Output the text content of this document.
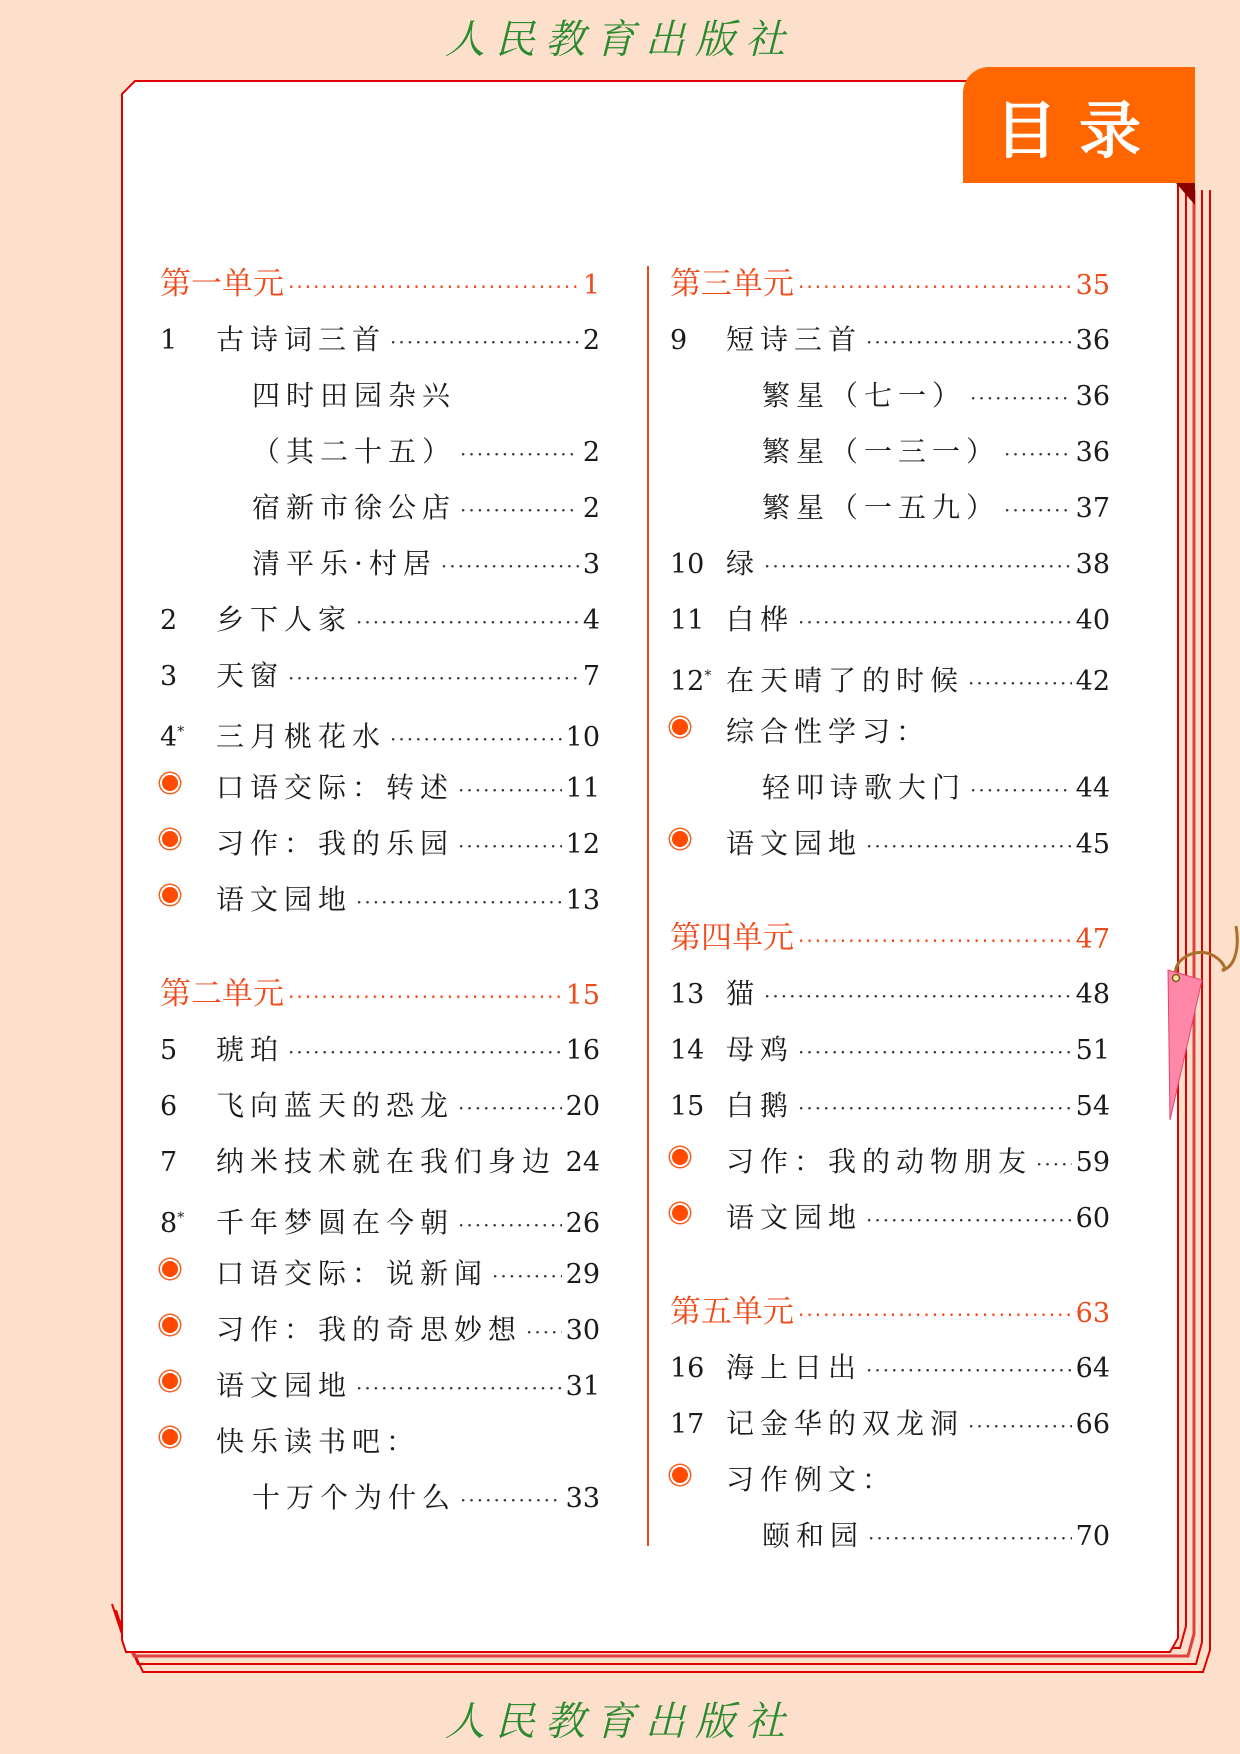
人民教育出版社
目录
第一单元 ·····	1
1	古诗词三首 ·····	2
四时田园杂兴
（其二十五） ·····	2
宿新市徐公店 ·····	2
清平乐·村居 ·····	3
2	乡下人家 ·····	4
3	天窗 ·····	7
4*	三月桃花水 ·····	10
口语交际：转述 ·····	11
习作：我的乐园 ·····	12
语文园地 ·····	13
第二单元 ·····	15
5	琥珀 ·····	16
6	飞向蓝天的恐龙 ·····	20
7	纳米技术就在我们身边 ····· 24
8*	千年梦圆在今朝 ·····	26
口语交际：说新闻 ·····	29
习作：我的奇思妙想 ····· 30
语文园地 ·····	31
快乐读书吧：
十万个为什么 ·····	33
第三单元 ·····	35
9	短诗三首 ·····	36
繁星（七一） ·····	36
繁星（一三一） ·····	36
繁星（一五九） ·····	37
10 绿 ·····	38
11 白桦 ·····	40
12* 在天晴了的时候 ·····	42
综合性学习：
轻叩诗歌大门 ·····	44
语文园地 ·····	45
第四单元 ·····	47
13 猫 ·····	48
14 母鸡 ·····	51
15 白鹅 ·····	54
习作：我的动物朋友 ····· 59
语文园地 ·····	60
第五单元 ·····	63
16 海上日出 ·····	64
17 记金华的双龙洞 ·····	66
习作例文：
颐和园 ·····	70
人民教育出版社
